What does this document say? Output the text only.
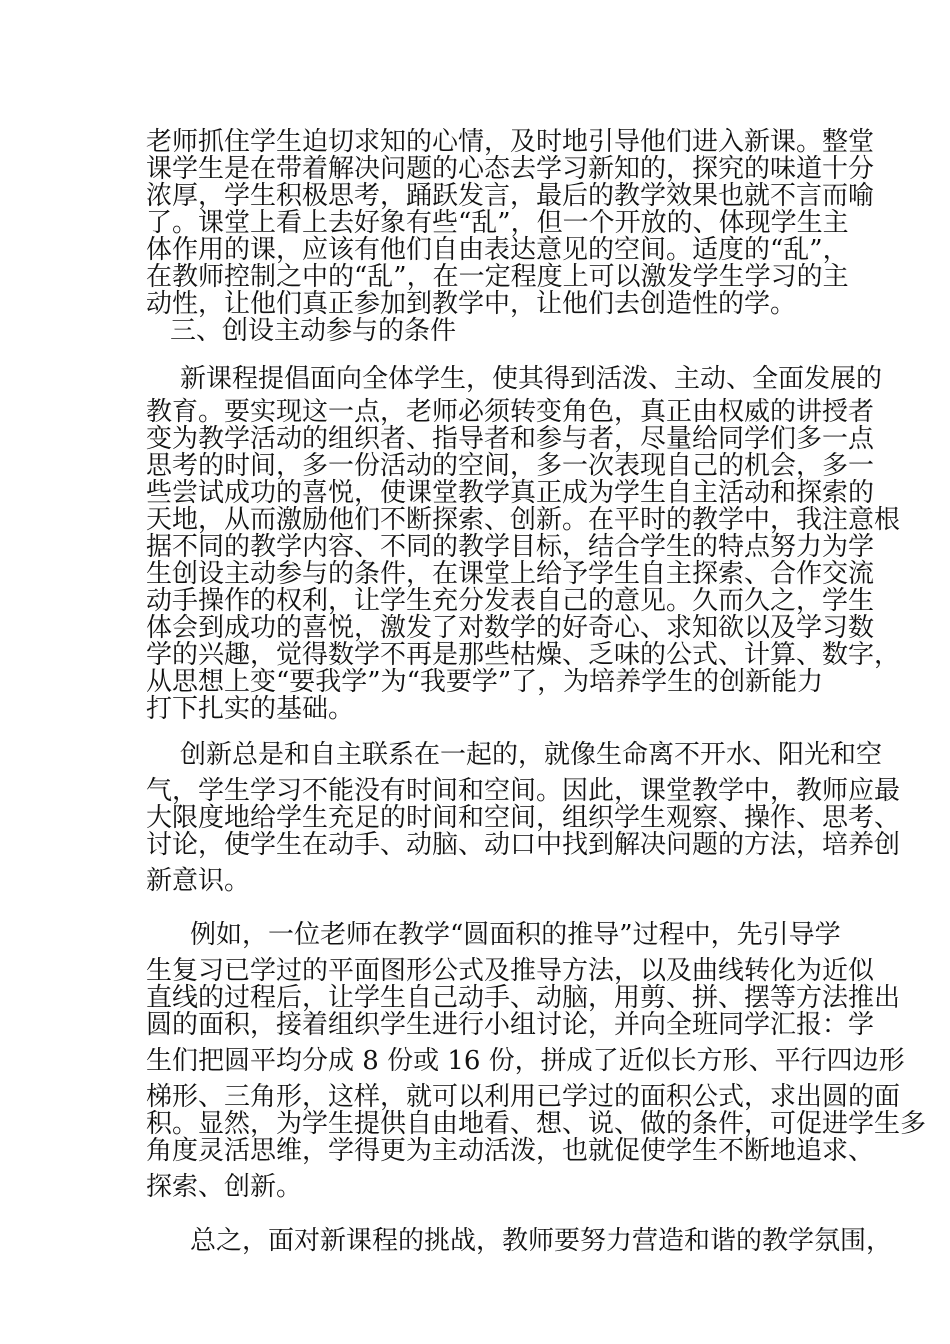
老师抓住学生迫切求知的心情，及时地引导他们进入新课。整堂

课学生是在带着解决问题的心态去学习新知的，探究的味道十分

浓厚，学生积极思考，踊跃发言，最后的教学效果也就不言而喻

了。课堂上看上去好象有些“乱”，但一个开放的、体现学生主

体作用的课，应该有他们自由表达意见的空间。适度的“乱”，

在教师控制之中的“乱”，在一定程度上可以激发学生学习的主

动性，让他们真正参加到教学中，让他们去创造性的学。

三、创设主动参与的条件

新课程提倡面向全体学生，使其得到活泼、主动、全面发展的

教育。要实现这一点，老师必须转变角色，真正由权威的讲授者

变为教学活动的组织者、指导者和参与者，尽量给同学们多一点

思考的时间，多一份活动的空间，多一次表现自己的机会，多一

些尝试成功的喜悦，使课堂教学真正成为学生自主活动和探索的

天地，从而激励他们不断探索、创新。在平时的教学中，我注意根

据不同的教学内容、不同的教学目标，结合学生的特点努力为学

生创设主动参与的条件，在课堂上给予学生自主探索、合作交流

动手操作的权利，让学生充分发表自己的意见。久而久之，学生

体会到成功的喜悦，激发了对数学的好奇心、求知欲以及学习数

学的兴趣，觉得数学不再是那些枯燥、乏味的公式、计算、数字，

从思想上变“要我学”为“我要学”了，为培养学生的创新能力

打下扎实的基础。

创新总是和自主联系在一起的，就像生命离不开水、阳光和空

气，学生学习不能没有时间和空间。因此，课堂教学中，教师应最

大限度地给学生充足的时间和空间，组织学生观察、操作、思考、

讨论，使学生在动手、动脑、动口中找到解决问题的方法，培养创

新意识。

例如，一位老师在教学“圆面积的推导”过程中，先引导学

生复习已学过的平面图形公式及推导方法，以及曲线转化为近似

直线的过程后，让学生自己动手、动脑，用剪、拼、摆等方法推出

圆的面积，接着组织学生进行小组讨论，并向全班同学汇报：学

生们把圆平均分成 8 份或 16 份，拼成了近似长方形、平行四边形

梯形、三角形，这样，就可以利用已学过的面积公式，求出圆的面

积。显然，为学生提供自由地看、想、说、做的条件，可促进学生多

角度灵活思维，学得更为主动活泼，也就促使学生不断地追求、

探索、创新。

总之，面对新课程的挑战，教师要努力营造和谐的教学氛围，
